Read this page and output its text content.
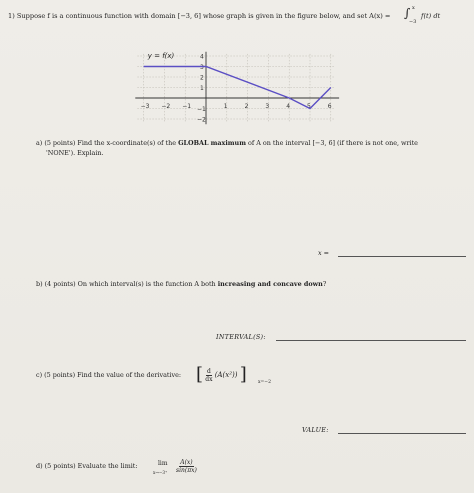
1) Suppose f is a continuous function with domain [−3, 6] whose graph is given in the figure below, and set A(x) = ∫ x
−3
f(t) dt
−3 −2 −1	1	2	3	4	5	6
4
3
2
1
−1
−2
y = f(x)
a) (5 points) Find the x-coordinate(s) of the GLOBAL maximum of A on the interval [−3, 6] (if there is not one, write
'NONE'). Explain.
x =
b) (4 points) On which interval(s) is the function A both increasing and concave down?
INTERVAL(S):
c) (5 points) Find the value of the derivative: [ $\frac{d}{dx} (A(x^2))$ ]	x=−2
VALUE:
d) (5 points) Evaluate the limit:	lim
$x\to-3^+ \frac{A(x)}{\sin(\pi x)}$
